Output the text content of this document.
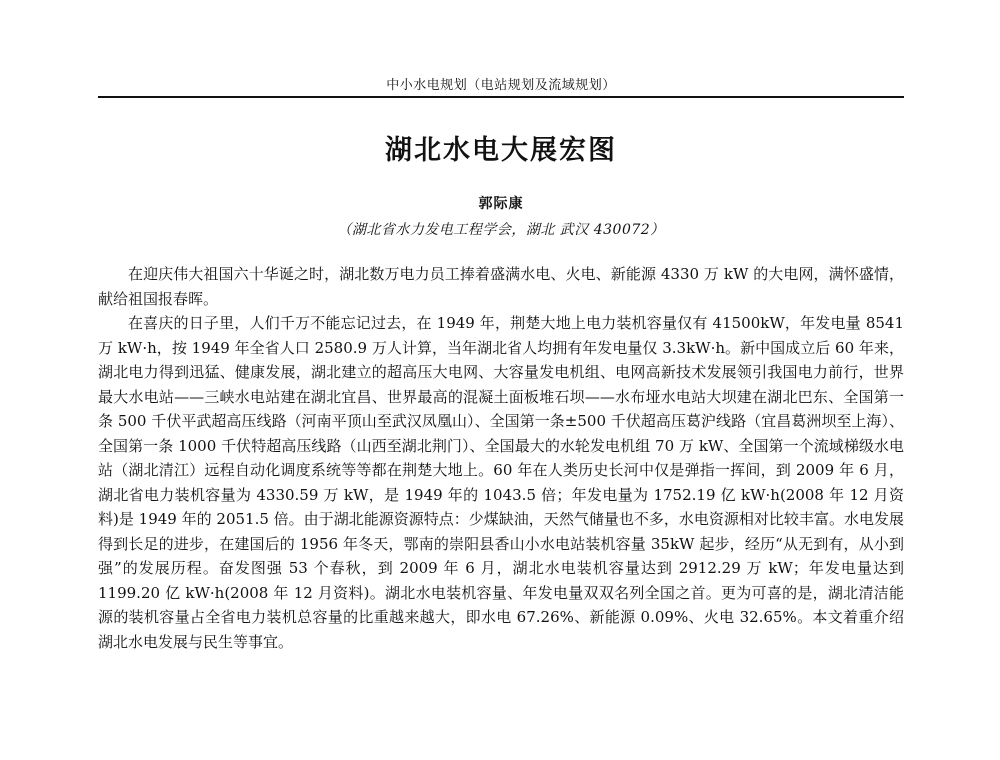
中小水电规划（电站规划及流域规划）
湖北水电大展宏图
郭际康
（湖北省水力发电工程学会，湖北 武汉 430072）

在迎庆伟大祖国六十华诞之时，湖北数万电力员工捧着盛满水电、火电、新能源 4330 万 kW 的大电网，满怀盛情，献给祖国报春晖。

在喜庆的日子里，人们千万不能忘记过去，在 1949 年，荆楚大地上电力装机容量仅有 41500kW，年发电量 8541 万 kW·h，按 1949 年全省人口 2580.9 万人计算，当年湖北省人均拥有年发电量仅 3.3kW·h。新中国成立后 60 年来，湖北电力得到迅猛、健康发展，湖北建立的超高压大电网、大容量发电机组、电网高新技术发展领引我国电力前行，世界最大水电站——三峡水电站建在湖北宜昌、世界最高的混凝土面板堆石坝——水布垭水电站大坝建在湖北巴东、全国第一条 500 千伏平武超高压线路（河南平顶山至武汉凤凰山）、全国第一条±500 千伏超高压葛沪线路（宜昌葛洲坝至上海）、全国第一条 1000 千伏特超高压线路（山西至湖北荆门）、全国最大的水轮发电机组 70 万 kW、全国第一个流域梯级水电站（湖北清江）远程自动化调度系统等等都在荆楚大地上。60 年在人类历史长河中仅是弹指一挥间，到 2009 年 6 月，湖北省电力装机容量为 4330.59 万 kW，是 1949 年的 1043.5 倍；年发电量为 1752.19 亿 kW·h(2008 年 12 月资料)是 1949 年的 2051.5 倍。由于湖北能源资源特点：少煤缺油，天然气储量也不多，水电资源相对比较丰富。水电发展得到长足的进步，在建国后的 1956 年冬天，鄂南的崇阳县香山小水电站装机容量 35kW 起步，经历“从无到有，从小到强”的发展历程。奋发图强 53 个春秋，到 2009 年 6 月，湖北水电装机容量达到 2912.29 万 kW；年发电量达到 1199.20 亿 kW·h(2008 年 12 月资料)。湖北水电装机容量、年发电量双双名列全国之首。更为可喜的是，湖北清洁能源的装机容量占全省电力装机总容量的比重越来越大，即水电 67.26%、新能源 0.09%、火电 32.65%。本文着重介绍湖北水电发展与民生等事宜。
